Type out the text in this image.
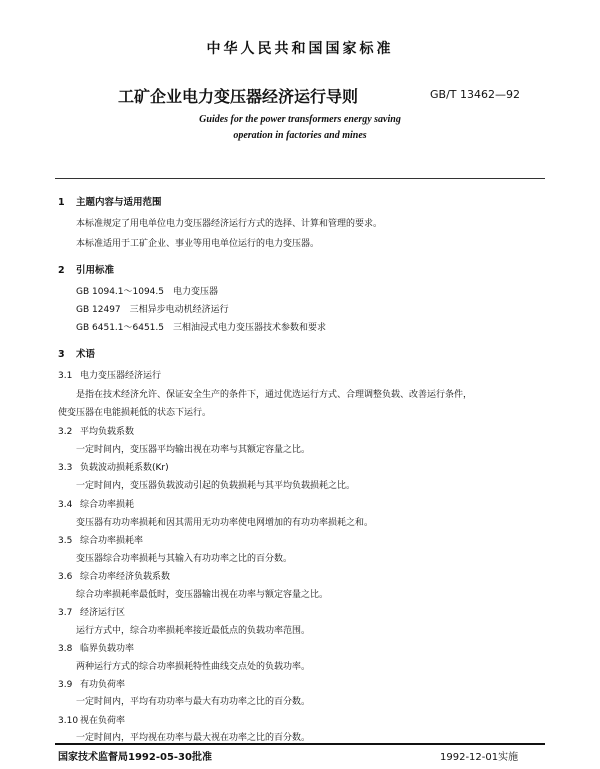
中华人民共和国国家标准
工矿企业电力变压器经济运行导则	GB/T 13462—92
Guides for the power transformers energy saving
operation in factories and mines
1 主题内容与适用范围
本标准规定了用电单位电力变压器经济运行方式的选择、计算和管理的要求。
本标准适用于工矿企业、事业等用电单位运行的电力变压器。
2 引用标准
GB 1094.1～1094.5　电力变压器
GB 12497　三相异步电动机经济运行
GB 6451.1～6451.5　三相油浸式电力变压器技术参数和要求
3 术语
3.1 电力变压器经济运行
是指在技术经济允许、保证安全生产的条件下，通过优选运行方式、合理调整负载、改善运行条件，
使变压器在电能损耗低的状态下运行。
3.2 平均负载系数
一定时间内，变压器平均输出视在功率与其额定容量之比。
3.3 负载波动损耗系数(Kr)
一定时间内，变压器负载波动引起的负载损耗与其平均负载损耗之比。
3.4 综合功率损耗
变压器有功功率损耗和因其需用无功功率使电网增加的有功功率损耗之和。
3.5 综合功率损耗率
变压器综合功率损耗与其输入有功功率之比的百分数。
3.6 综合功率经济负载系数
综合功率损耗率最低时，变压器输出视在功率与额定容量之比。
3.7 经济运行区
运行方式中，综合功率损耗率接近最低点的负载功率范围。
3.8 临界负载功率
两种运行方式的综合功率损耗特性曲线交点处的负载功率。
3.9 有功负荷率
一定时间内，平均有功功率与最大有功功率之比的百分数。
3.10 视在负荷率
一定时间内，平均视在功率与最大视在功率之比的百分数。
国家技术监督局1992-05-30批准	1992-12-01实施
